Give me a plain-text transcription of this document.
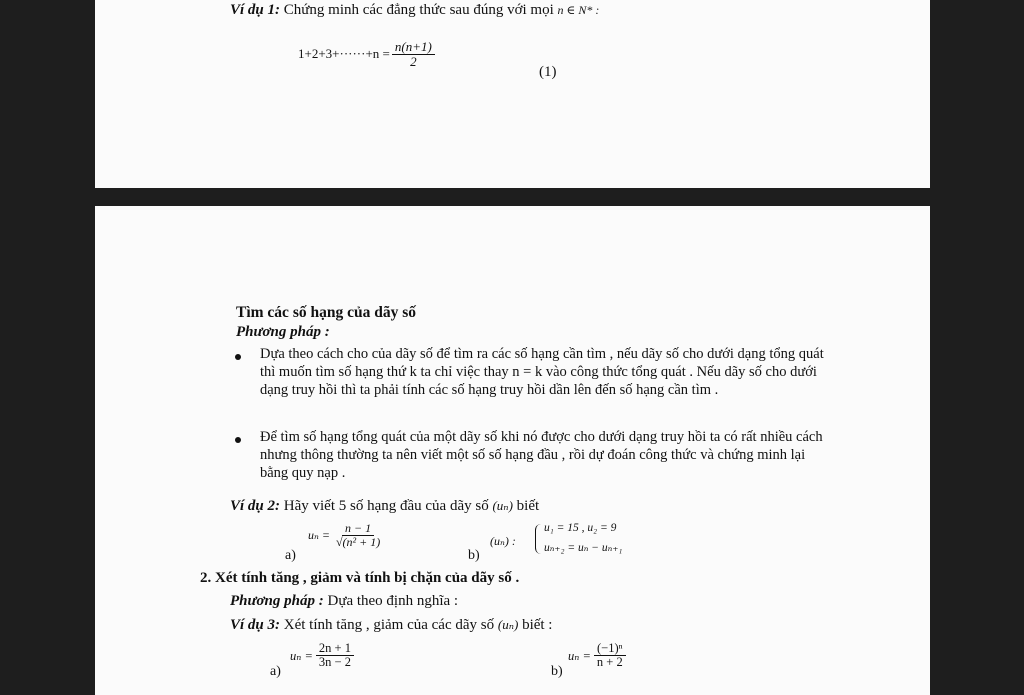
Ví dụ 1: Chứng minh các đẳng thức sau đúng với mọi n ∈ N* :
$1+2+3+\cdot\cdot\cdot\cdot\cdot\cdot+n = \frac{n(n+1)}{2}$
(1)
Tìm các số hạng của dãy số
Phương pháp :
Dựa theo cách cho của dãy số để tìm ra các số hạng cần tìm , nếu dãy số cho dưới dạng tổng quát thì muốn tìm số hạng thứ k ta chỉ việc thay n = k vào công thức tổng quát . Nếu dãy số cho dưới dạng truy hồi thì ta phải tính các số hạng truy hồi dần lên đến số hạng cần tìm .
Để tìm số hạng tổng quát của một dãy số khi nó được cho dưới dạng truy hồi ta có rất nhiều cách nhưng thông thường ta nên viết một số số hạng đầu , rồi dự đoán công thức và chứng minh lại bằng quy nạp .
Ví dụ 2: Hãy viết 5 số hạng đầu của dãy số (uₙ) biết
a)
$u_n = \frac{n - 1}{\text{√(n² + 1)}}$
b)
(uₙ) :
u₁ = 15 , u₂ = 9
uₙ₊₂ = uₙ − uₙ₊₁
2. Xét tính tăng , giảm và tính bị chặn của dãy số .
Phương pháp : Dựa theo định nghĩa :
Ví dụ 3: Xét tính tăng , giảm của các dãy số (uₙ) biết :
a)
$u_n = \frac{2n + 1}{3n - 2}$
b)
$u_n = \frac{\text{(−1)ⁿ}}{n + 2}$
